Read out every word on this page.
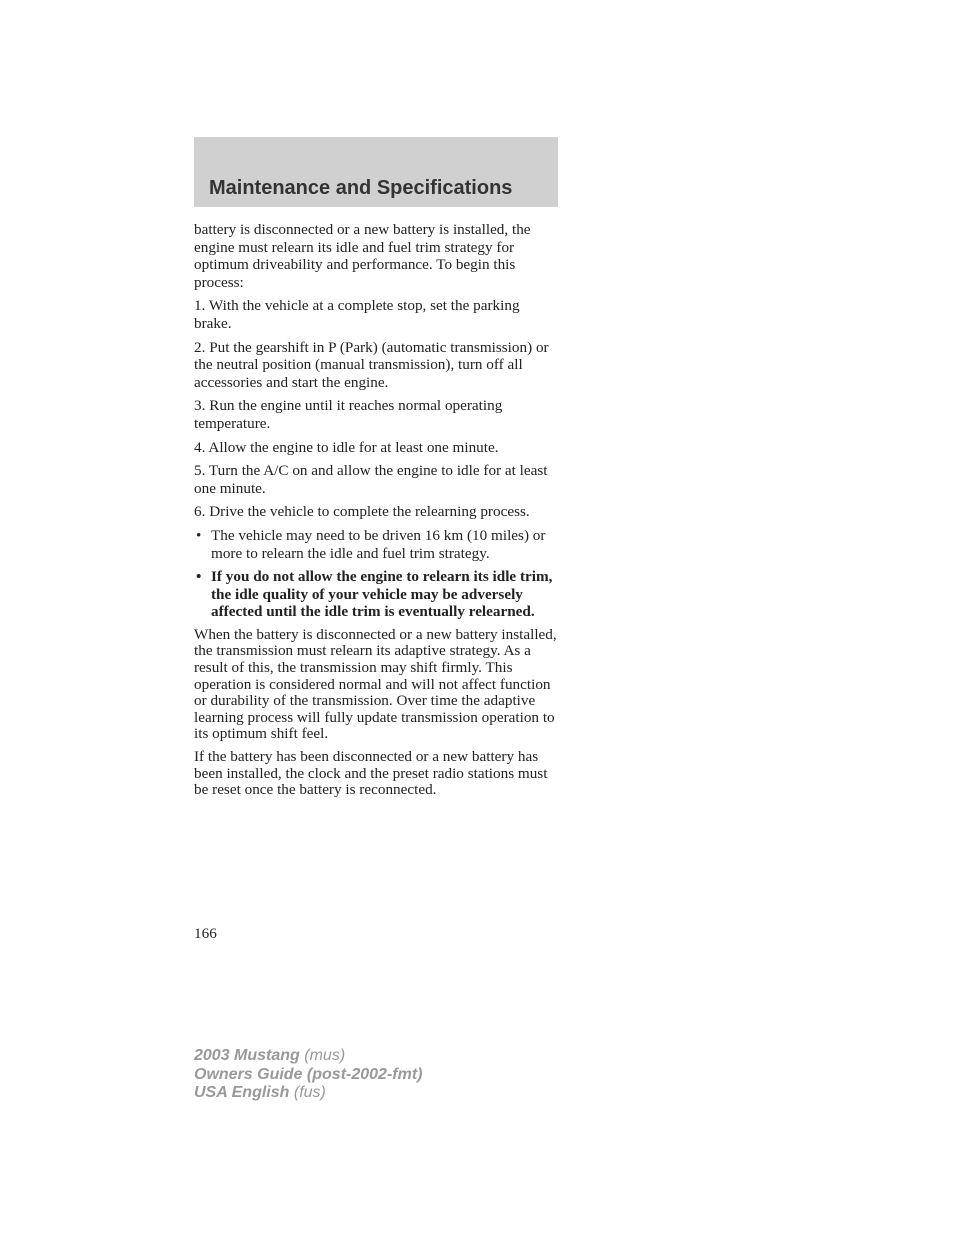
Maintenance and Specifications

battery is disconnected or a new battery is installed, the engine must relearn its idle and fuel trim strategy for optimum driveability and performance. To begin this process:

1. With the vehicle at a complete stop, set the parking brake.

2. Put the gearshift in P (Park) (automatic transmission) or the neutral position (manual transmission), turn off all accessories and start the engine.

3. Run the engine until it reaches normal operating temperature.

4. Allow the engine to idle for at least one minute.

5. Turn the A/C on and allow the engine to idle for at least one minute.

6. Drive the vehicle to complete the relearning process.

• The vehicle may need to be driven 16 km (10 miles) or more to relearn the idle and fuel trim strategy.
• If you do not allow the engine to relearn its idle trim, the idle quality of your vehicle may be adversely affected until the idle trim is eventually relearned.

When the battery is disconnected or a new battery installed, the transmission must relearn its adaptive strategy. As a result of this, the transmission may shift firmly. This operation is considered normal and will not affect function or durability of the transmission. Over time the adaptive learning process will fully update transmission operation to its optimum shift feel.

If the battery has been disconnected or a new battery has been installed, the clock and the preset radio stations must be reset once the battery is reconnected.

166
2003 Mustang (mus)
Owners Guide (post-2002-fmt)
USA English (fus)
